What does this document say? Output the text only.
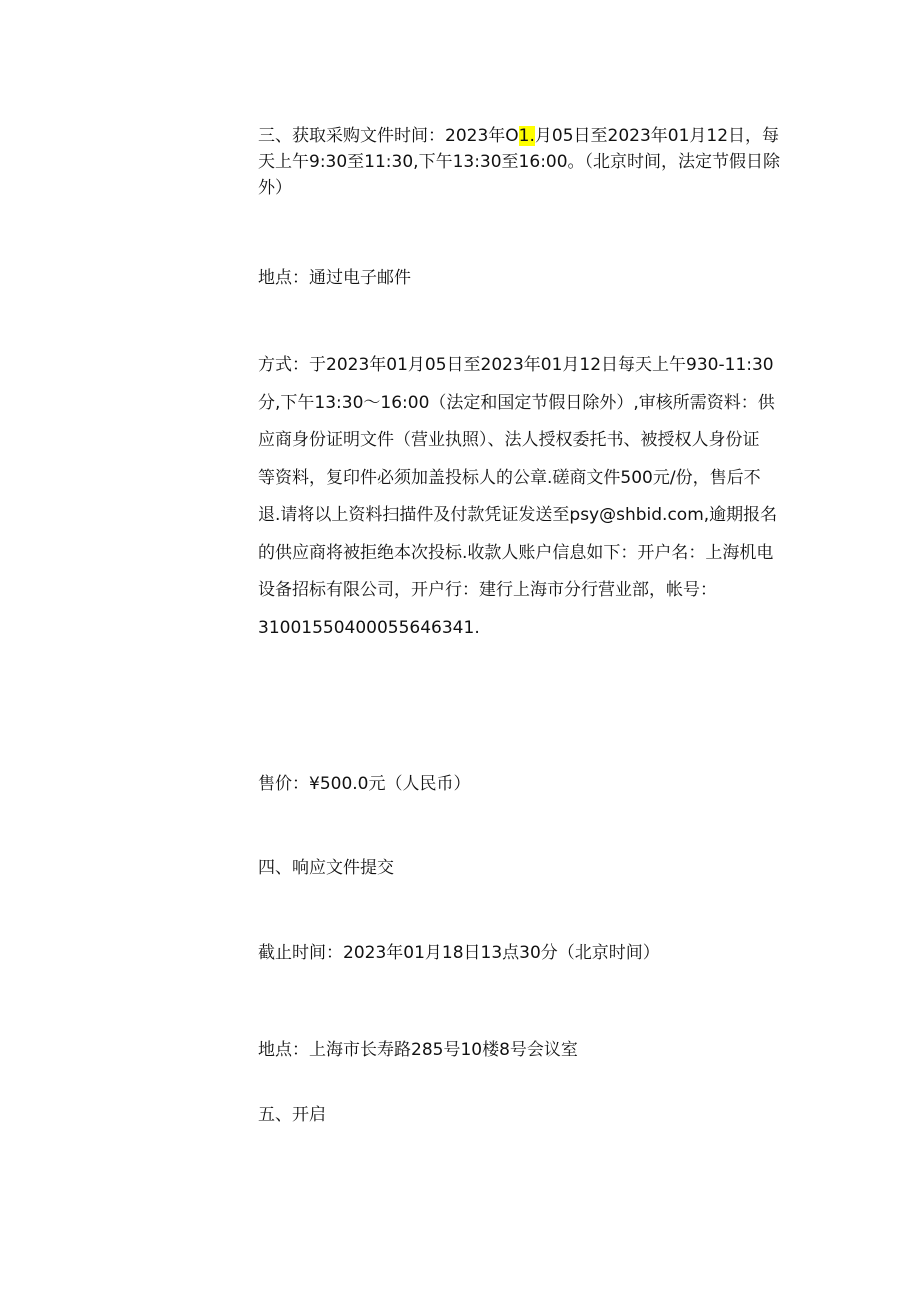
三、获取采购文件时间：2023年O1.月05日至2023年01月12日，每
天上午9:30至11:30,下午13:30至16:00。（北京时间，法定节假日除
外）
地点：通过电子邮件
方式：于2023年01月05日至2023年01月12日每天上午930-11:30
分,下午13:30～16:00（法定和国定节假日除外）,审核所需资料：供
应商身份证明文件（营业执照）、法人授权委托书、被授权人身份证
等资料，复印件必须加盖投标人的公章.磋商文件500元/份，售后不
退.请将以上资料扫描件及付款凭证发送至psy@shbid.com,逾期报名
的供应商将被拒绝本次投标.收款人账户信息如下：开户名：上海机电
设备招标有限公司，开户行：建行上海市分行营业部，帐号：
31001550400055646341.
售价：¥500.0元（人民币）
四、响应文件提交
截止时间：2023年01月18日13点30分（北京时间）
地点：上海市长寿路285号10楼8号会议室
五、开启
